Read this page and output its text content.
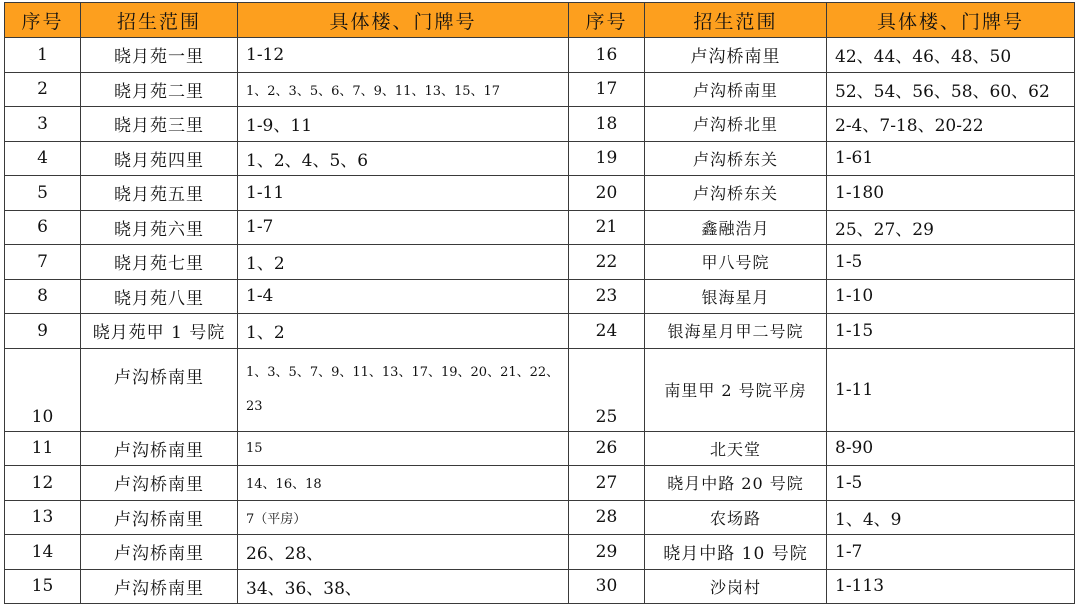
序号	招生范围	具体楼、门牌号	序号	招生范围	具体楼、门牌号
1	晓月苑一里	1-12	16	卢沟桥南里	42、44、46、48、50
2	晓月苑二里	1、2、3、5、6、7、9、11、13、15、17	17	卢沟桥南里	52、54、56、58、60、62
3	晓月苑三里	1-9、11	18	卢沟桥北里	2-4、7-18、20-22
4	晓月苑四里	1、2、4、5、6	19	卢沟桥东关	1-61
5	晓月苑五里	1-11	20	卢沟桥东关	1-180
6	晓月苑六里	1-7	21	鑫融浩月	25、27、29
7	晓月苑七里	1、2	22	甲八号院	1-5
8	晓月苑八里	1-4	23	银海星月	1-10
9	晓月苑甲 1 号院	1、2	24	银海星月甲二号院	1-15
10	卢沟桥南里	1、3、5、7、9、11、13、17、19、20、21、22、23	25	南里甲 2 号院平房	1-11
11	卢沟桥南里	15	26	北天堂	8-90
12	卢沟桥南里	14、16、18	27	晓月中路 20 号院	1-5
13	卢沟桥南里	7（平房）	28	农场路	1、4、9
14	卢沟桥南里	26、28、	29	晓月中路 10 号院	1-7
15	卢沟桥南里	34、36、38、	30	沙岗村	1-113
